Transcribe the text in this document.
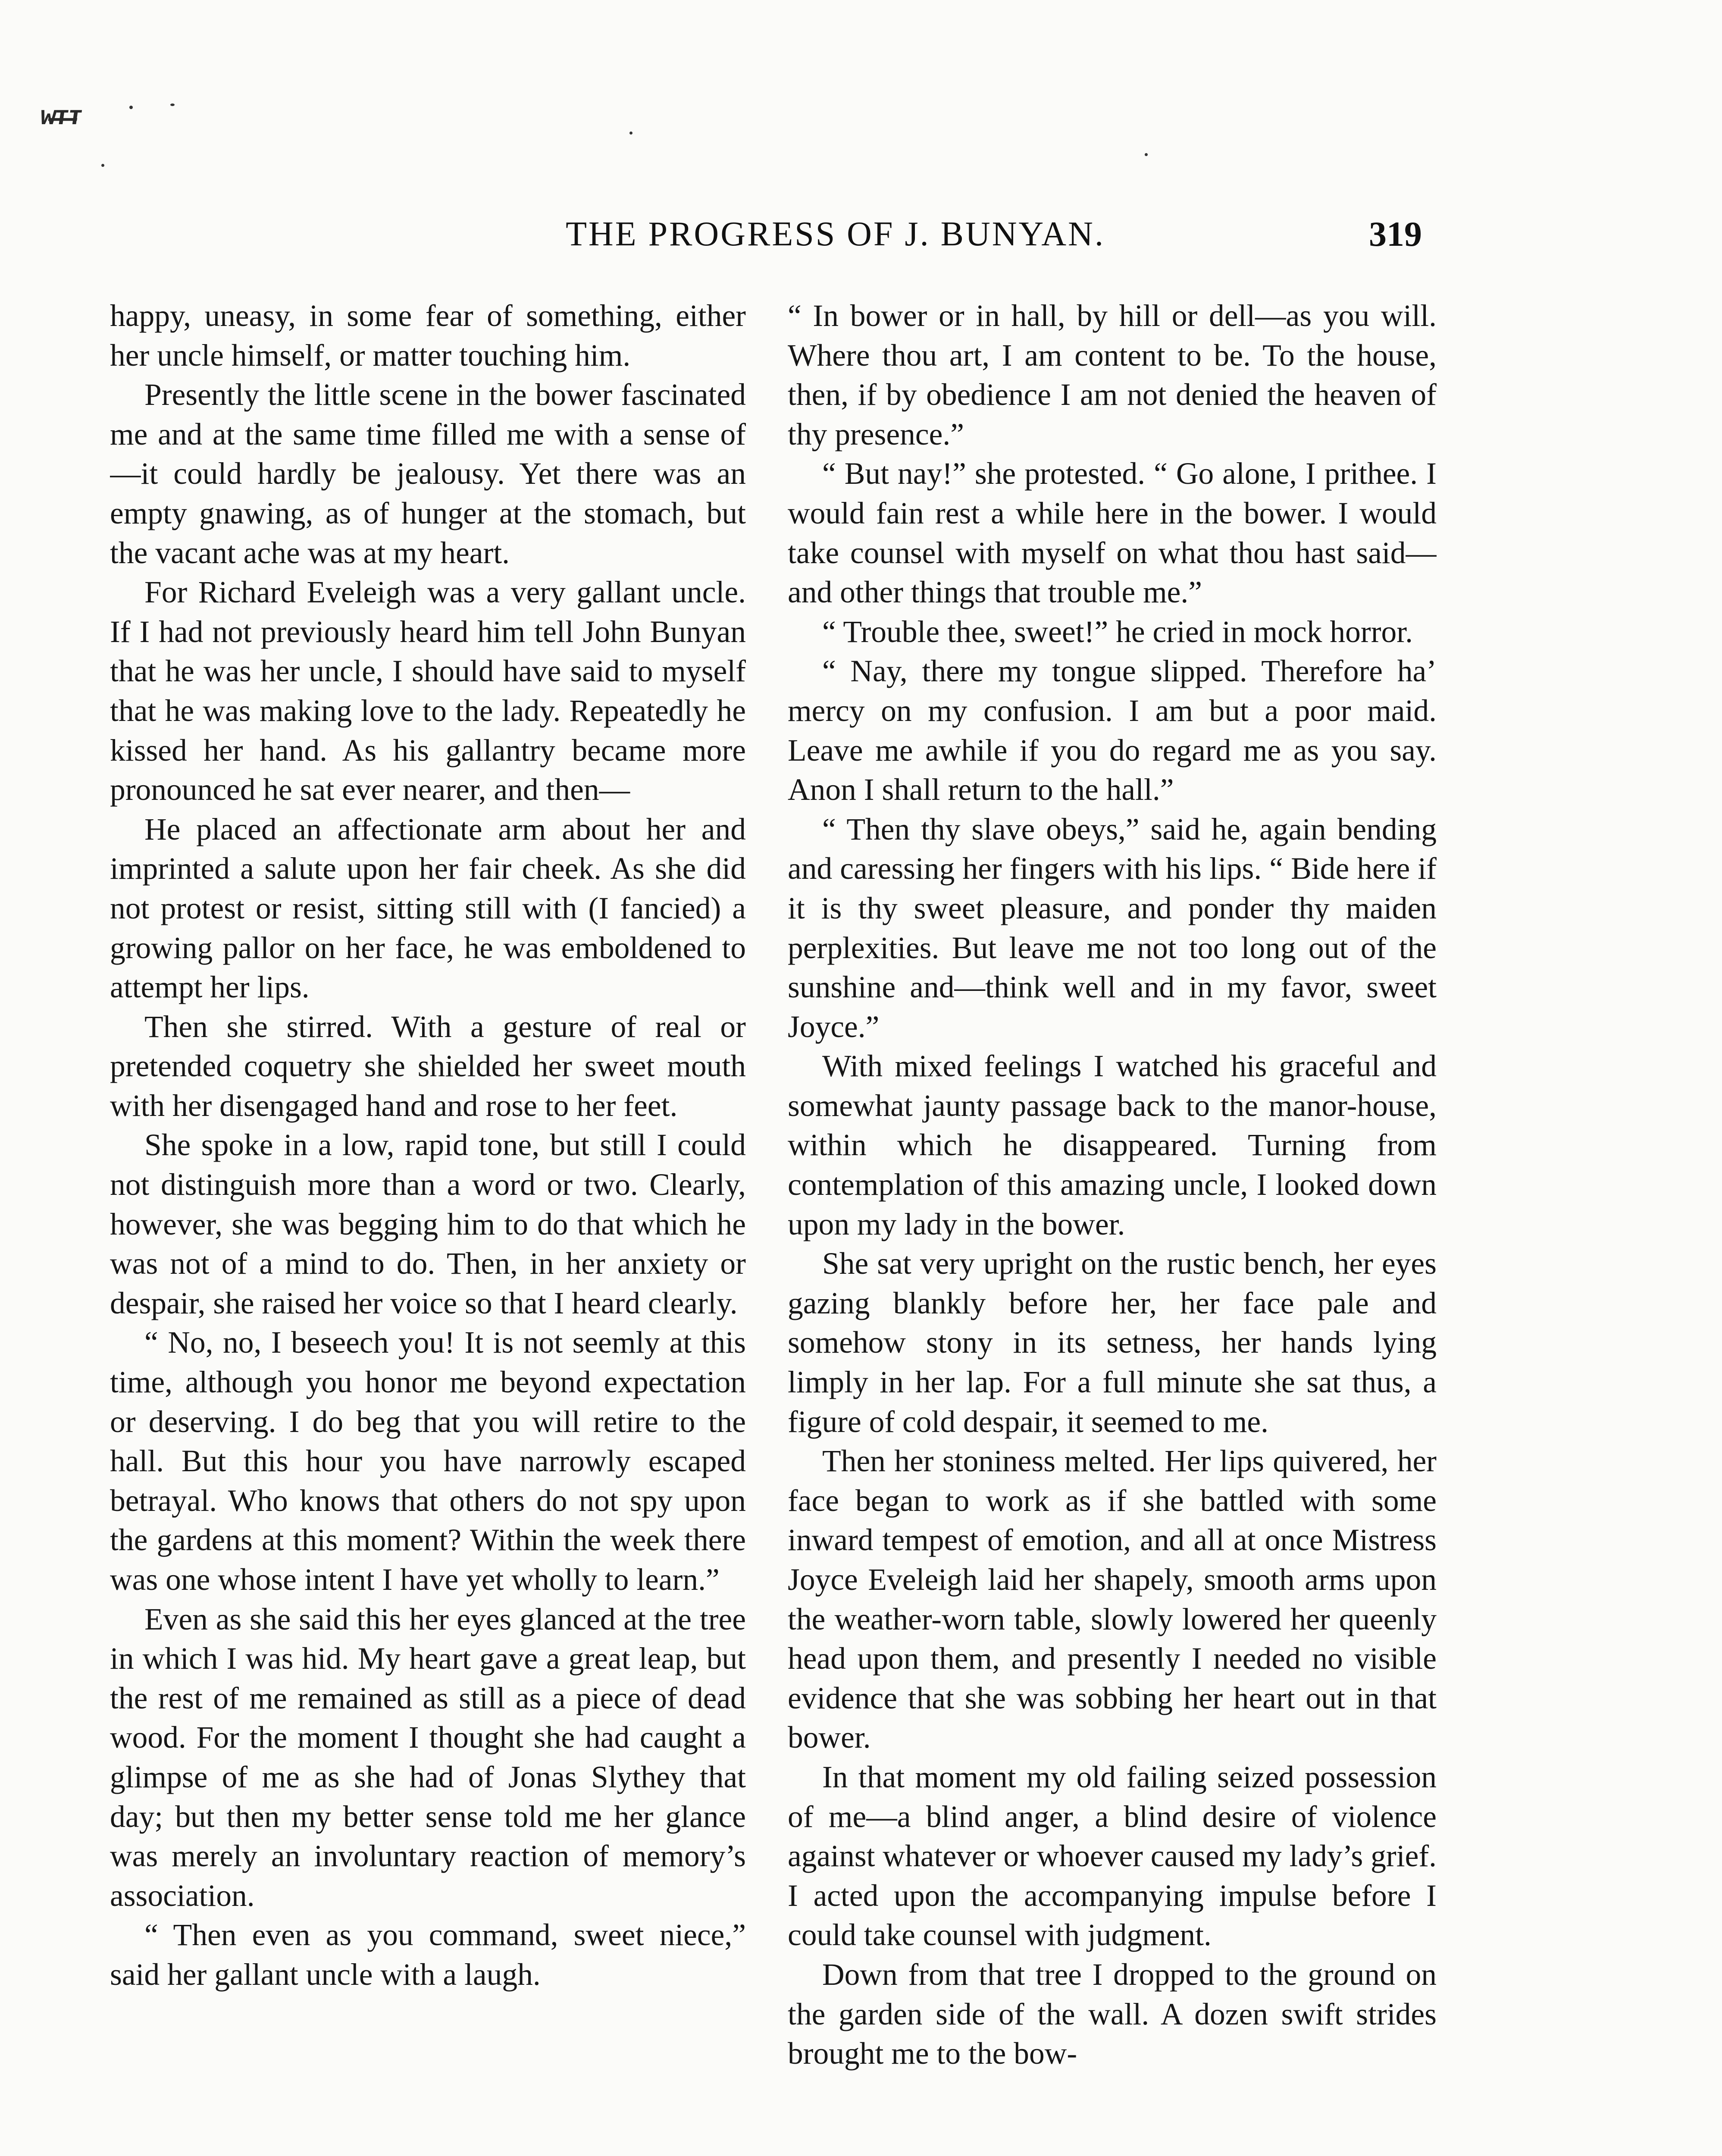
ᴡ̶ᴛ̶ᴛ
THE PROGRESS OF J. BUNYAN.	319

happy, uneasy, in some fear of something, either her uncle himself, or matter touching him.

Presently the little scene in the bower fascinated me and at the same time filled me with a sense of—it could hardly be jealousy. Yet there was an empty gnawing, as of hunger at the stomach, but the vacant ache was at my heart.

For Richard Eveleigh was a very gallant uncle. If I had not previously heard him tell John Bunyan that he was her uncle, I should have said to myself that he was making love to the lady. Repeatedly he kissed her hand. As his gallantry became more pronounced he sat ever nearer, and then—

He placed an affectionate arm about her and imprinted a salute upon her fair cheek. As she did not protest or resist, sitting still with (I fancied) a growing pallor on her face, he was emboldened to attempt her lips.

Then she stirred. With a gesture of real or pretended coquetry she shielded her sweet mouth with her disengaged hand and rose to her feet.

She spoke in a low, rapid tone, but still I could not distinguish more than a word or two. Clearly, however, she was begging him to do that which he was not of a mind to do. Then, in her anxiety or despair, she raised her voice so that I heard clearly.

“ No, no, I beseech you! It is not seemly at this time, although you honor me beyond expectation or deserving. I do beg that you will retire to the hall. But this hour you have narrowly escaped betrayal. Who knows that others do not spy upon the gardens at this moment? Within the week there was one whose intent I have yet wholly to learn.”

Even as she said this her eyes glanced at the tree in which I was hid. My heart gave a great leap, but the rest of me remained as still as a piece of dead wood. For the moment I thought she had caught a glimpse of me as she had of Jonas Slythey that day; but then my better sense told me her glance was merely an involuntary reaction of memory’s association.

“ Then even as you command, sweet niece,” said her gallant uncle with a laugh.

“ In bower or in hall, by hill or dell—as you will. Where thou art, I am content to be. To the house, then, if by obedience I am not denied the heaven of thy presence.”

“ But nay!” she protested. “ Go alone, I prithee. I would fain rest a while here in the bower. I would take counsel with myself on what thou hast said—and other things that trouble me.”

“ Trouble thee, sweet!” he cried in mock horror.

“ Nay, there my tongue slipped. Therefore ha’ mercy on my confusion. I am but a poor maid. Leave me awhile if you do regard me as you say. Anon I shall return to the hall.”

“ Then thy slave obeys,” said he, again bending and caressing her fingers with his lips. “ Bide here if it is thy sweet pleasure, and ponder thy maiden perplexities. But leave me not too long out of the sunshine and—think well and in my favor, sweet Joyce.”

With mixed feelings I watched his graceful and somewhat jaunty passage back to the manor-house, within which he disappeared. Turning from contemplation of this amazing uncle, I looked down upon my lady in the bower.

She sat very upright on the rustic bench, her eyes gazing blankly before her, her face pale and somehow stony in its setness, her hands lying limply in her lap. For a full minute she sat thus, a figure of cold despair, it seemed to me.

Then her stoniness melted. Her lips quivered, her face began to work as if she battled with some inward tempest of emotion, and all at once Mistress Joyce Eveleigh laid her shapely, smooth arms upon the weather-worn table, slowly lowered her queenly head upon them, and presently I needed no visible evidence that she was sobbing her heart out in that bower.

In that moment my old failing seized possession of me—a blind anger, a blind desire of violence against whatever or whoever caused my lady’s grief. I acted upon the accompanying impulse before I could take counsel with judgment.

Down from that tree I dropped to the ground on the garden side of the wall. A dozen swift strides brought me to the bow-
